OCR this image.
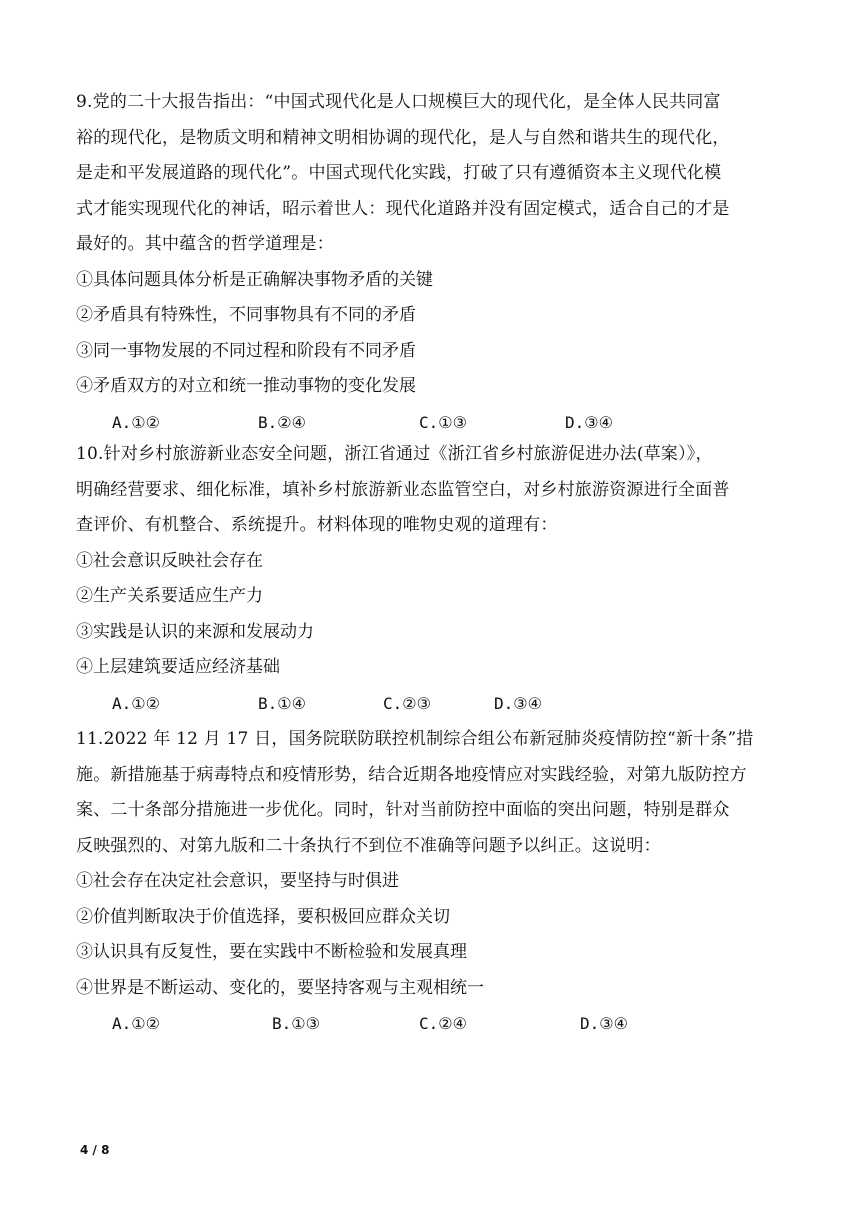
9.党的二十大报告指出：“中国式现代化是人口规模巨大的现代化，是全体人民共同富
裕的现代化，是物质文明和精神文明相协调的现代化，是人与自然和谐共生的现代化，
是走和平发展道路的现代化”。中国式现代化实践，打破了只有遵循资本主义现代化模
式才能实现现代化的神话，昭示着世人：现代化道路并没有固定模式，适合自己的才是
最好的。其中蕴含的哲学道理是：
①具体问题具体分析是正确解决事物矛盾的关键
②矛盾具有特殊性，不同事物具有不同的矛盾
③同一事物发展的不同过程和阶段有不同矛盾
④矛盾双方的对立和统一推动事物的变化发展
A.①②	B.②④	C.①③	D.③④
10.针对乡村旅游新业态安全问题，浙江省通过《浙江省乡村旅游促进办法(草案）》，
明确经营要求、细化标准，填补乡村旅游新业态监管空白，对乡村旅游资源进行全面普
查评价、有机整合、系统提升。材料体现的唯物史观的道理有：
①社会意识反映社会存在
②生产关系要适应生产力
③实践是认识的来源和发展动力
④上层建筑要适应经济基础
A.①②	B.①④	C.②③	D.③④
11.2022 年 12 月 17 日，国务院联防联控机制综合组公布新冠肺炎疫情防控“新十条”措
施。新措施基于病毒特点和疫情形势，结合近期各地疫情应对实践经验，对第九版防控方
案、二十条部分措施进一步优化。同时，针对当前防控中面临的突出问题，特别是群众
反映强烈的、对第九版和二十条执行不到位不准确等问题予以纠正。这说明：
①社会存在决定社会意识，要坚持与时俱进
②价值判断取决于价值选择，要积极回应群众关切
③认识具有反复性，要在实践中不断检验和发展真理
④世界是不断运动、变化的，要坚持客观与主观相统一
A.①②	B.①③	C.②④	D.③④
4 / 8
